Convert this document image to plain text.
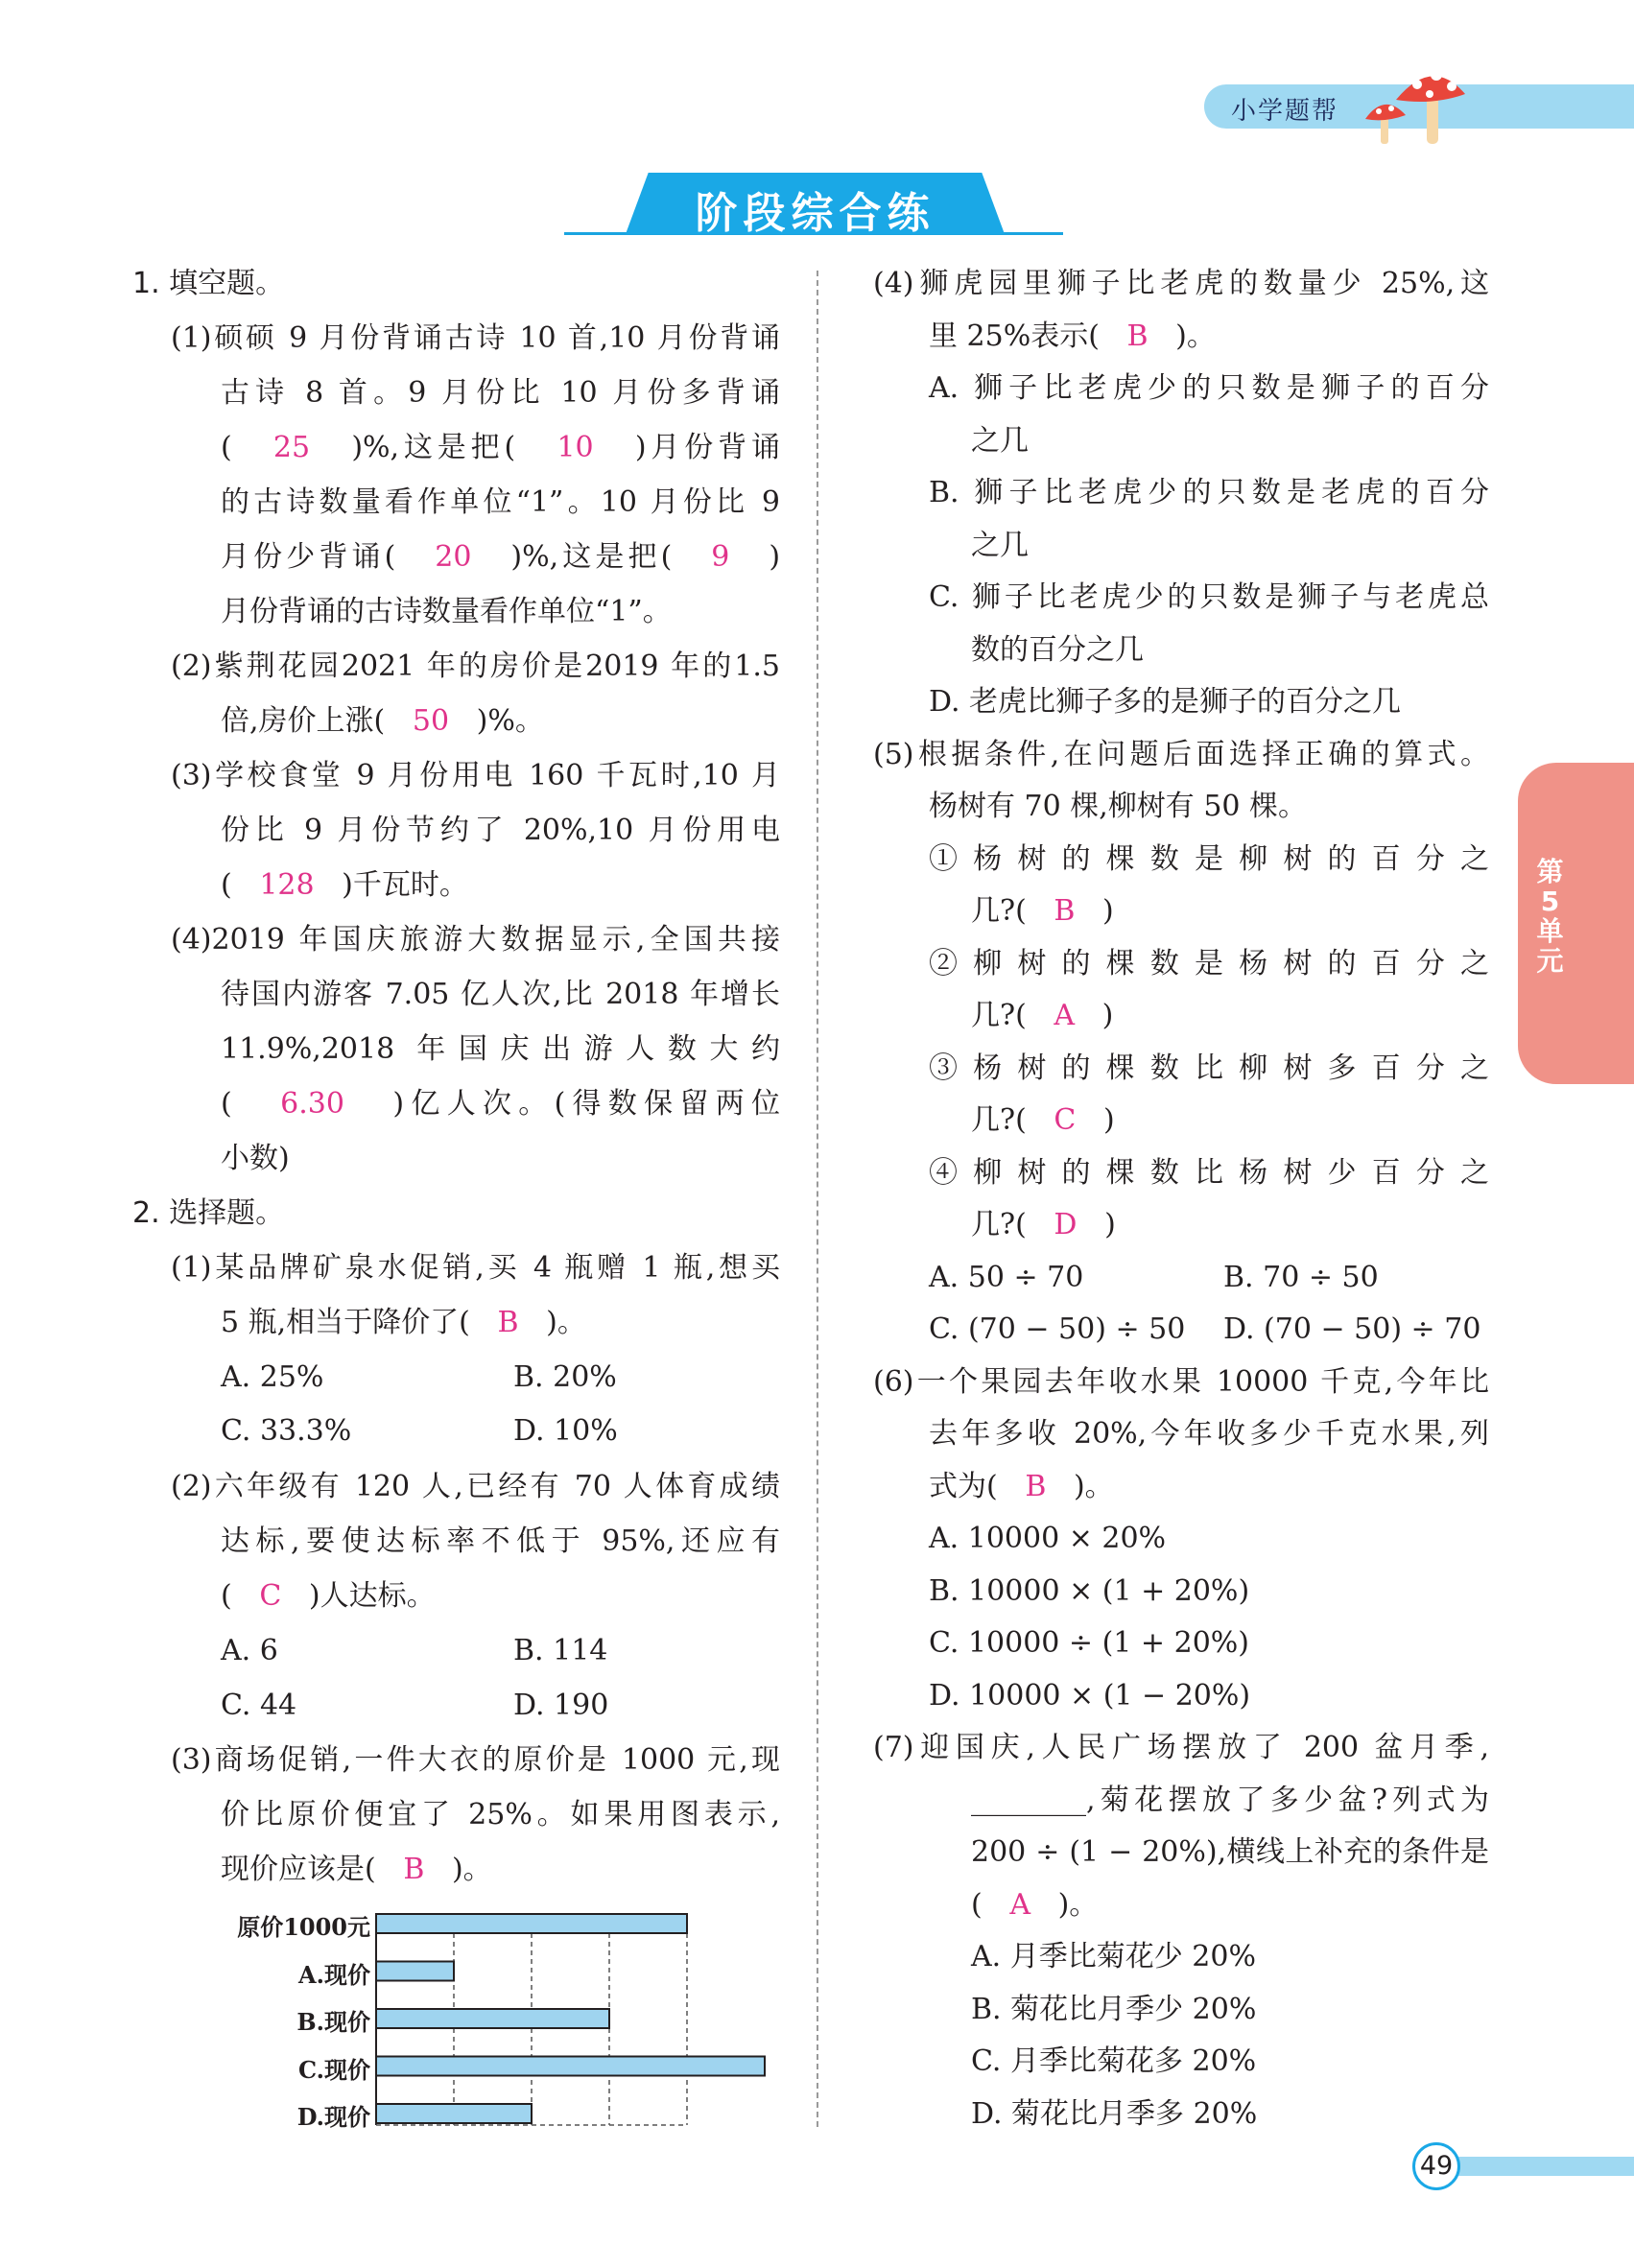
小学题帮
阶段综合练
第
5
单
元
1. 填空题。
(1)硕硕 9 月份背诵古诗 10 首,10 月份背诵
古诗 8 首。9 月份比 10 月份多背诵
(   25   )%,这是把(   10   )月份背诵
的古诗数量看作单位“1”。10 月份比 9
月份少背诵(   20   )%,这是把(   9   )
月份背诵的古诗数量看作单位“1”。
(2)紫荆花园2021 年的房价是2019 年的1.5
倍,房价上涨(   50   )%。
(3)学校食堂 9 月份用电 160 千瓦时,10 月
份比 9 月份节约了 20%,10 月份用电
(   128   )千瓦时。
(4)2019 年国庆旅游大数据显示,全国共接
待国内游客 7.05 亿人次,比 2018 年增长
11.9%,2018 年国庆出游人数大约
(   6.30   )亿人次。(得数保留两位
小数)
2. 选择题。
(1)某品牌矿泉水促销,买 4 瓶赠 1 瓶,想买
5 瓶,相当于降价了(   B   )。
A. 25%
C. 33.3%
(2)六年级有 120 人,已经有 70 人体育成绩
达标,要使达标率不低于 95%,还应有
(   C   )人达标。
A. 6
C. 44
(3)商场促销,一件大衣的原价是 1000 元,现
价比原价便宜了 25%。如果用图表示,
现价应该是(   B   )。
B. 20%
D. 10%
B. 114
D. 190
(4)狮虎园里狮子比老虎的数量少 25%,这
里 25%表示(   B   )。
A. 狮子比老虎少的只数是狮子的百分
之几
B. 狮子比老虎少的只数是老虎的百分
之几
C. 狮子比老虎少的只数是狮子与老虎总
数的百分之几
D. 老虎比狮子多的是狮子的百分之几
(5)根据条件,在问题后面选择正确的算式。
杨树有 70 棵,柳树有 50 棵。
① 杨 树 的 棵 数 是 柳 树 的 百 分 之
几?(   B   )
② 柳 树 的 棵 数 是 杨 树 的 百 分 之
几?(   A   )
③ 杨 树 的 棵 数 比 柳 树 多 百 分 之
几?(   C   )
④ 柳 树 的 棵 数 比 杨 树 少 百 分 之
几?(   D   )
A. 50 ÷ 70
C. (70 − 50) ÷ 50
(6)一个果园去年收水果 10000 千克,今年比
去年多收 20%,今年收多少千克水果,列
式为(   B   )。
A. 10000 × 20%
B. 10000 × (1 + 20%)
C. 10000 ÷ (1 + 20%)
D. 10000 × (1 − 20%)
(7)迎国庆,人民广场摆放了 200 盆月季,
________,菊花摆放了多少盆?列式为
200 ÷ (1 − 20%),横线上补充的条件是
(   A   )。
A. 月季比菊花少 20%
B. 菊花比月季少 20%
C. 月季比菊花多 20%
D. 菊花比月季多 20%
B. 70 ÷ 50
D. (70 − 50) ÷ 70
原价1000元
A.现价
B.现价
C.现价
D.现价
49
